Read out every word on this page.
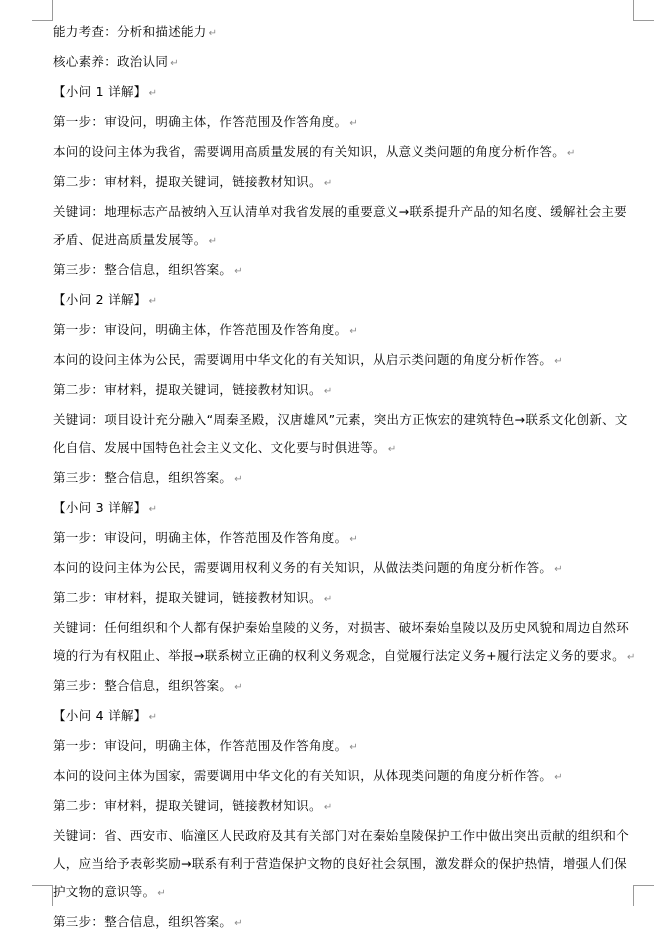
能力考查：分析和描述能力 ↵

核心素养：政治认同 ↵

【小问 1 详解】 ↵

第一步：审设问，明确主体，作答范围及作答角度。 ↵

本问的设问主体为我省，需要调用高质量发展的有关知识，从意义类问题的角度分析作答。 ↵

第二步：审材料，提取关键词，链接教材知识。 ↵

关键词：地理标志产品被纳入互认清单对我省发展的重要意义→联系提升产品的知名度、缓解社会主要矛盾、促进高质量发展等。 ↵

第三步：整合信息，组织答案。 ↵

【小问 2 详解】 ↵

第一步：审设问，明确主体，作答范围及作答角度。 ↵

本问的设问主体为公民，需要调用中华文化的有关知识，从启示类问题的角度分析作答。 ↵

第二步：审材料，提取关键词，链接教材知识。 ↵

关键词：项目设计充分融入“周秦圣殿，汉唐雄风”元素，突出方正恢宏的建筑特色→联系文化创新、文化自信、发展中国特色社会主义文化、文化要与时俱进等。 ↵

第三步：整合信息，组织答案。 ↵

【小问 3 详解】 ↵

第一步：审设问，明确主体，作答范围及作答角度。 ↵

本问的设问主体为公民，需要调用权利义务的有关知识，从做法类问题的角度分析作答。 ↵

第二步：审材料，提取关键词，链接教材知识。 ↵

关键词：任何组织和个人都有保护秦始皇陵的义务，对损害、破坏秦始皇陵以及历史风貌和周边自然环境的行为有权阻止、举报→联系树立正确的权利义务观念，自觉履行法定义务+履行法定义务的要求。 ↵

第三步：整合信息，组织答案。 ↵

【小问 4 详解】 ↵

第一步：审设问，明确主体，作答范围及作答角度。 ↵

本问的设问主体为国家，需要调用中华文化的有关知识，从体现类问题的角度分析作答。 ↵

第二步：审材料，提取关键词，链接教材知识。 ↵

关键词：省、西安市、临潼区人民政府及其有关部门对在秦始皇陵保护工作中做出突出贡献的组织和个人，应当给予表彰奖励→联系有利于营造保护文物的良好社会氛围，激发群众的保护热情，增强人们保护文物的意识等。 ↵

第三步：整合信息，组织答案。 ↵
